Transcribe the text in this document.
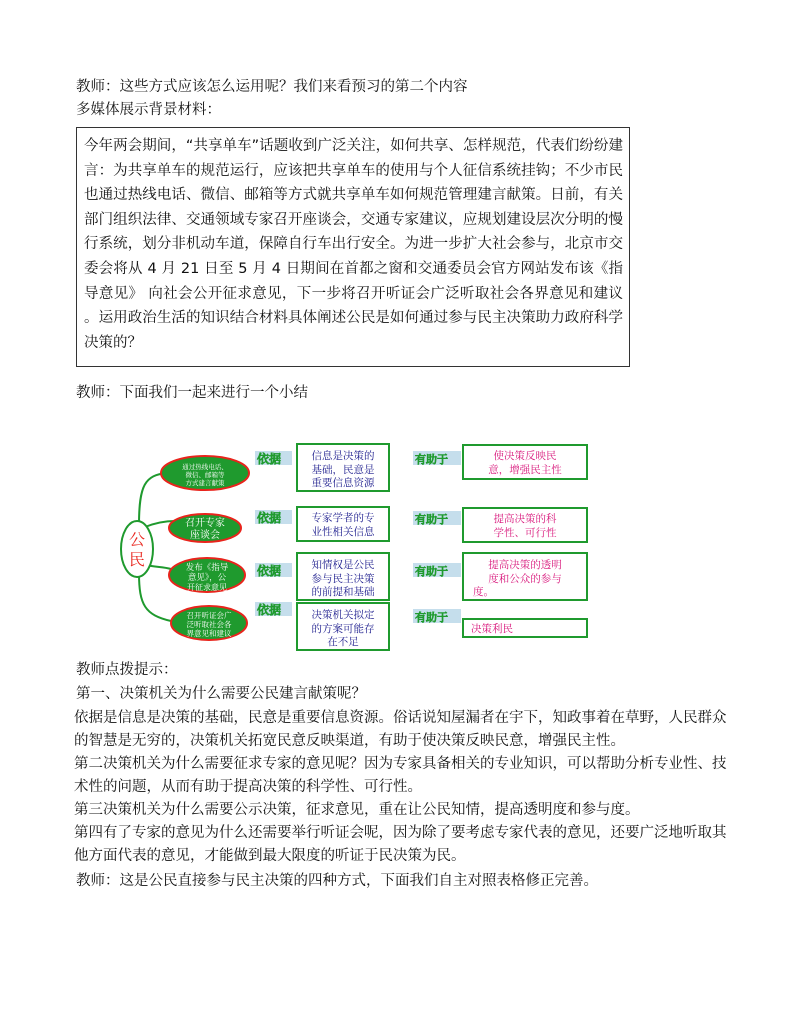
教师：这些方式应该怎么运用呢？我们来看预习的第二个内容
多媒体展示背景材料：

今年两会期间，“共享单车”话题收到广泛关注，如何共享、怎样规范，代表们纷纷建言：为共享单车的规范运行，应该把共享单车的使用与个人征信系统挂钩；不少市民也通过热线电话、微信、邮箱等方式就共享单车如何规范管理建言献策。日前，有关部门组织法律、交通领域专家召开座谈会，交通专家建议，应规划建设层次分明的慢行系统，划分非机动车道，保障自行车出行安全。为进一步扩大社会参与，北京市交委会将从 4 月 21 日至 5 月 4 日期间在首都之窗和交通委员会官方网站发布该《指导意见》 向社会公开征求意见，下一步将召开听证会广泛听取社会各界意见和建议 。运用政治生活的知识结合材料具体阐述公民是如何通过参与民主决策助力政府科学决策的？

教师：下面我们一起来进行一个小结
公
民
通过热线电话、
微信、邮箱等
方式建言献策
依据	信息是决策的
基础，民意是
重要信息资源
有助于	使决策反映民
意，增强民主性
召开专家
座谈会
依据	专家学者的专
业性相关信息
有助于	提高决策的科
学性、可行性
发布《指导
意见》，公
开征求意见
依据	知情权是公民
参与民主决策
的前提和基础
有助于	提高决策的透明
度和公众的参与
度。
召开听证会广
泛听取社会各
界意见和建议
依据	决策机关拟定
的方案可能存
在不足
有助于
决策利民
教师点拨提示：
第一、决策机关为什么需要公民建言献策呢？

依据是信息是决策的基础，民意是重要信息资源。俗话说知屋漏者在宇下，知政事着在草野，人民群众的智慧是无穷的，决策机关拓宽民意反映渠道，有助于使决策反映民意，增强民主性。

第二决策机关为什么需要征求专家的意见呢？因为专家具备相关的专业知识，可以帮助分析专业性、技术性的问题，从而有助于提高决策的科学性、可行性。

第三决策机关为什么需要公示决策，征求意见，重在让公民知情，提高透明度和参与度。

第四有了专家的意见为什么还需要举行听证会呢，因为除了要考虑专家代表的意见，还要广泛地听取其他方面代表的意见，才能做到最大限度的听证于民决策为民。

教师：这是公民直接参与民主决策的四种方式，下面我们自主对照表格修正完善。
